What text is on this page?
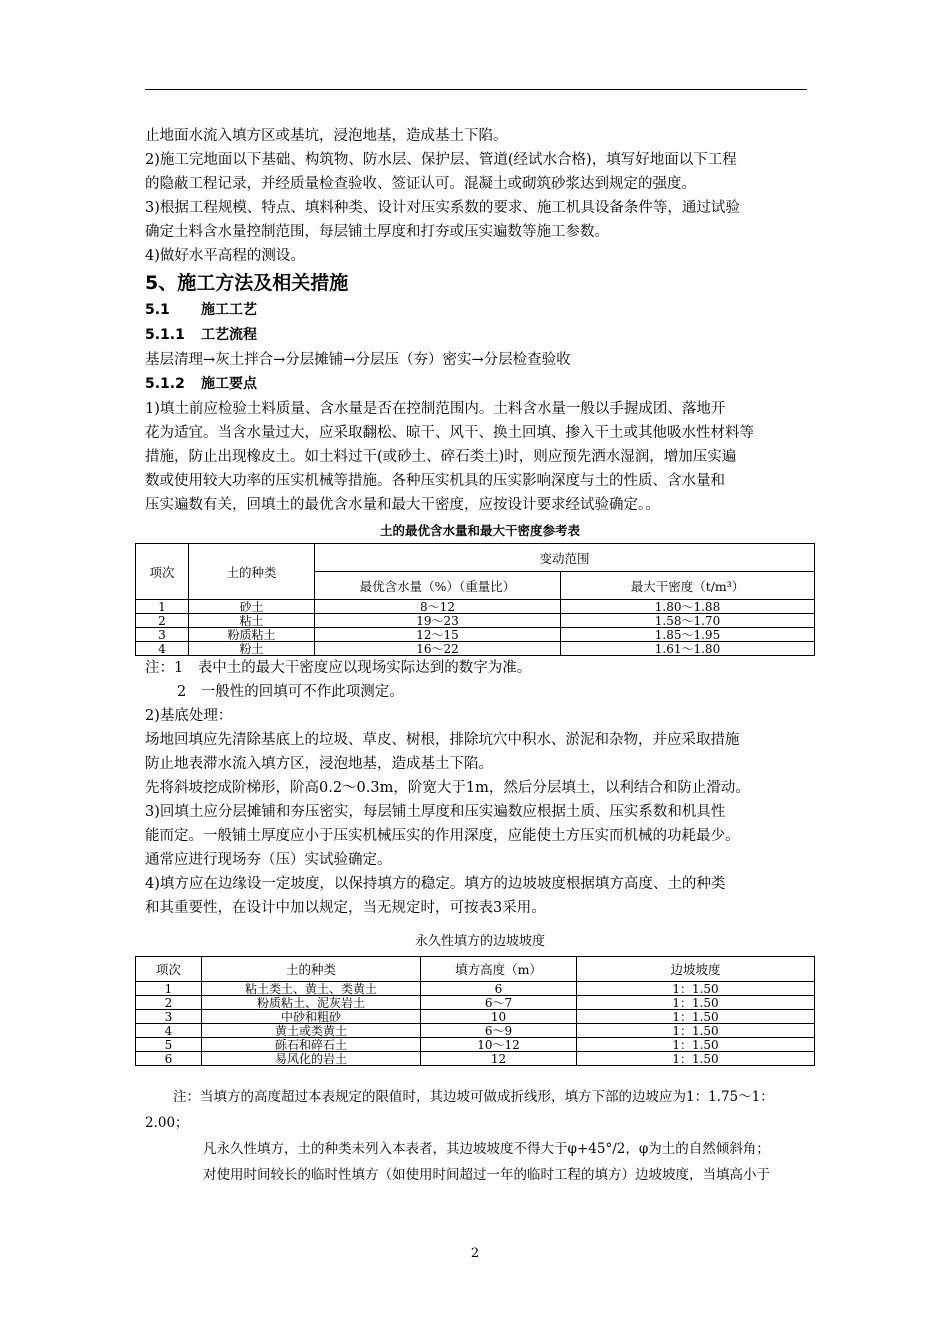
止地面水流入填方区或基坑，浸泡地基，造成基土下陷。

2)施工完地面以下基础、构筑物、防水层、保护层、管道(经试水合格)，填写好地面以下工程

的隐蔽工程记录，并经质量检查验收、签证认可。混凝土或砌筑砂浆达到规定的强度。

3)根据工程规模、特点、填料种类、设计对压实系数的要求、施工机具设备条件等，通过试验

确定土料含水量控制范围，每层铺土厚度和打夯或压实遍数等施工参数。

4)做好水平高程的测设。

5、施工方法及相关措施

5.1 施工工艺

5.1.1 工艺流程

基层清理→灰土拌合→分层摊铺→分层压（夯）密实→分层检查验收

5.1.2 施工要点

1)填土前应检验土料质量、含水量是否在控制范围内。土料含水量一般以手握成团、落地开

花为适宜。当含水量过大，应采取翻松、晾干、风干、换土回填、掺入干土或其他吸水性材料等

措施，防止出现橡皮土。如土料过干(或砂土、碎石类土)时，则应预先洒水湿润，增加压实遍

数或使用较大功率的压实机械等措施。各种压实机具的压实影响深度与土的性质、含水量和

压实遍数有关，回填土的最优含水量和最大干密度，应按设计要求经试验确定。。

土的最优含水量和最大干密度参考表

项次	土的种类	变动范围	
		最优含水量（%）（重量比）	最大干密度（t/m³）
1	砂土	8～12	1.80～1.88
2	粘土	19～23	1.58～1.70
3	粉质粘土	12～15	1.85～1.95
4	粉土	16～22	1.61～1.80

注：1　表中土的最大干密度应以现场实际达到的数字为准。

2　一般性的回填可不作此项测定。

2)基底处理：

场地回填应先清除基底上的垃圾、草皮、树根，排除坑穴中积水、淤泥和杂物，并应采取措施

防止地表滞水流入填方区，浸泡地基，造成基土下陷。

先将斜坡挖成阶梯形，阶高0.2～0.3m，阶宽大于1m，然后分层填土，以利结合和防止滑动。

3)回填土应分层摊铺和夯压密实，每层铺土厚度和压实遍数应根据土质、压实系数和机具性

能而定。一般铺土厚度应小于压实机械压实的作用深度，应能使土方压实而机械的功耗最少。

通常应进行现场夯（压）实试验确定。

4)填方应在边缘设一定坡度，以保持填方的稳定。填方的边坡坡度根据填方高度、土的种类

和其重要性，在设计中加以规定，当无规定时，可按表3采用。

永久性填方的边坡坡度

项次	土的种类	填方高度（m）	边坡坡度
1	粘土类土、黄土、类黄土	6	1：1.50
2	粉质粘土、泥灰岩土	6～7	1：1.50
3	中砂和粗砂	10	1：1.50
4	黄土或类黄土	6～9	1：1.50
5	砾石和碎石土	10～12	1：1.50
6	易风化的岩土	12	1：1.50

注：当填方的高度超过本表规定的限值时，其边坡可做成折线形，填方下部的边坡应为1：1.75～1：

2.00；

凡永久性填方，土的种类未列入本表者，其边坡坡度不得大于φ+45°/2，φ为土的自然倾斜角；

对使用时间较长的临时性填方（如使用时间超过一年的临时工程的填方）边坡坡度，当填高小于

2
